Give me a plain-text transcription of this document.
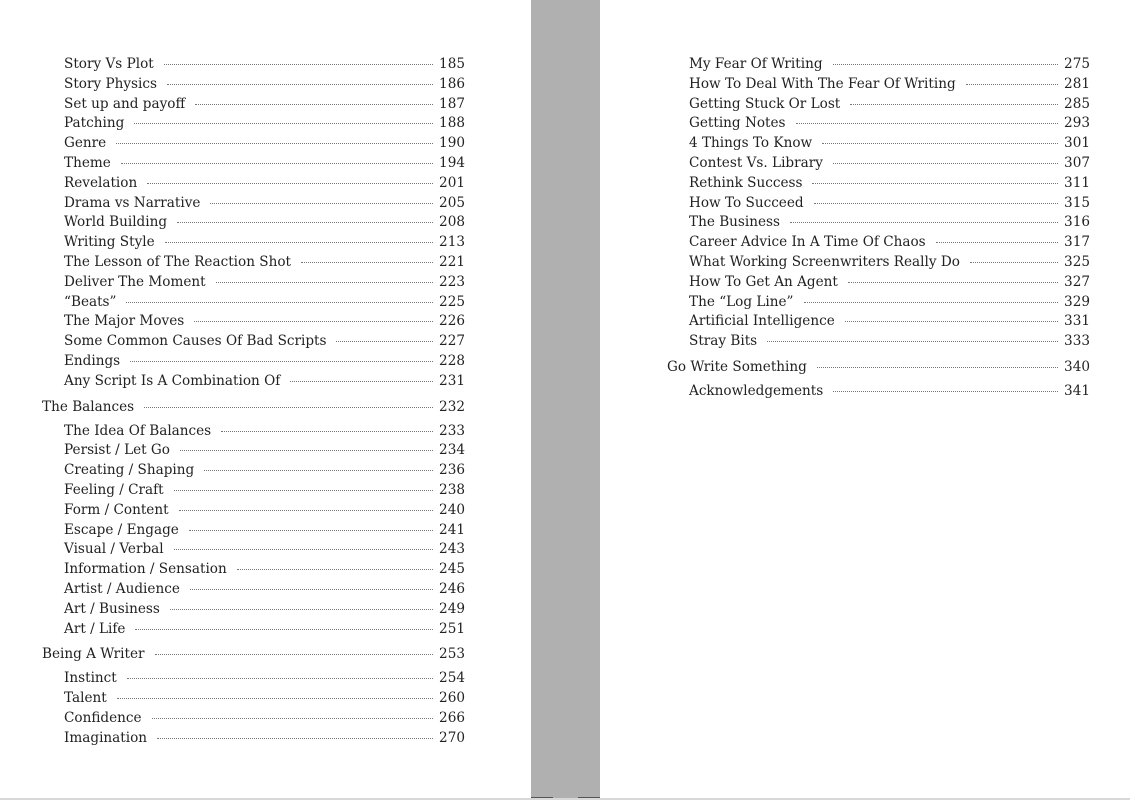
Story Vs Plot	185
Story Physics	186
Set up and payoff	187
Patching	188
Genre	190
Theme	194
Revelation	201
Drama vs Narrative	205
World Building	208
Writing Style	213
The Lesson of The Reaction Shot	221
Deliver The Moment	223
“Beats”	225
The Major Moves	226
Some Common Causes Of Bad Scripts	227
Endings	228
Any Script Is A Combination Of	231
The Balances	232
The Idea Of Balances	233
Persist / Let Go	234
Creating / Shaping	236
Feeling / Craft	238
Form / Content	240
Escape / Engage	241
Visual / Verbal	243
Information / Sensation	245
Artist / Audience	246
Art / Business	249
Art / Life	251
Being A Writer	253
Instinct	254
Talent	260
Confidence	266
Imagination	270
My Fear Of Writing	275
How To Deal With The Fear Of Writing	281
Getting Stuck Or Lost	285
Getting Notes	293
4 Things To Know	301
Contest Vs. Library	307
Rethink Success	311
How To Succeed	315
The Business	316
Career Advice In A Time Of Chaos	317
What Working Screenwriters Really Do	325
How To Get An Agent	327
The “Log Line”	329
Artificial Intelligence	331
Stray Bits	333
Go Write Something	340
Acknowledgements	341
